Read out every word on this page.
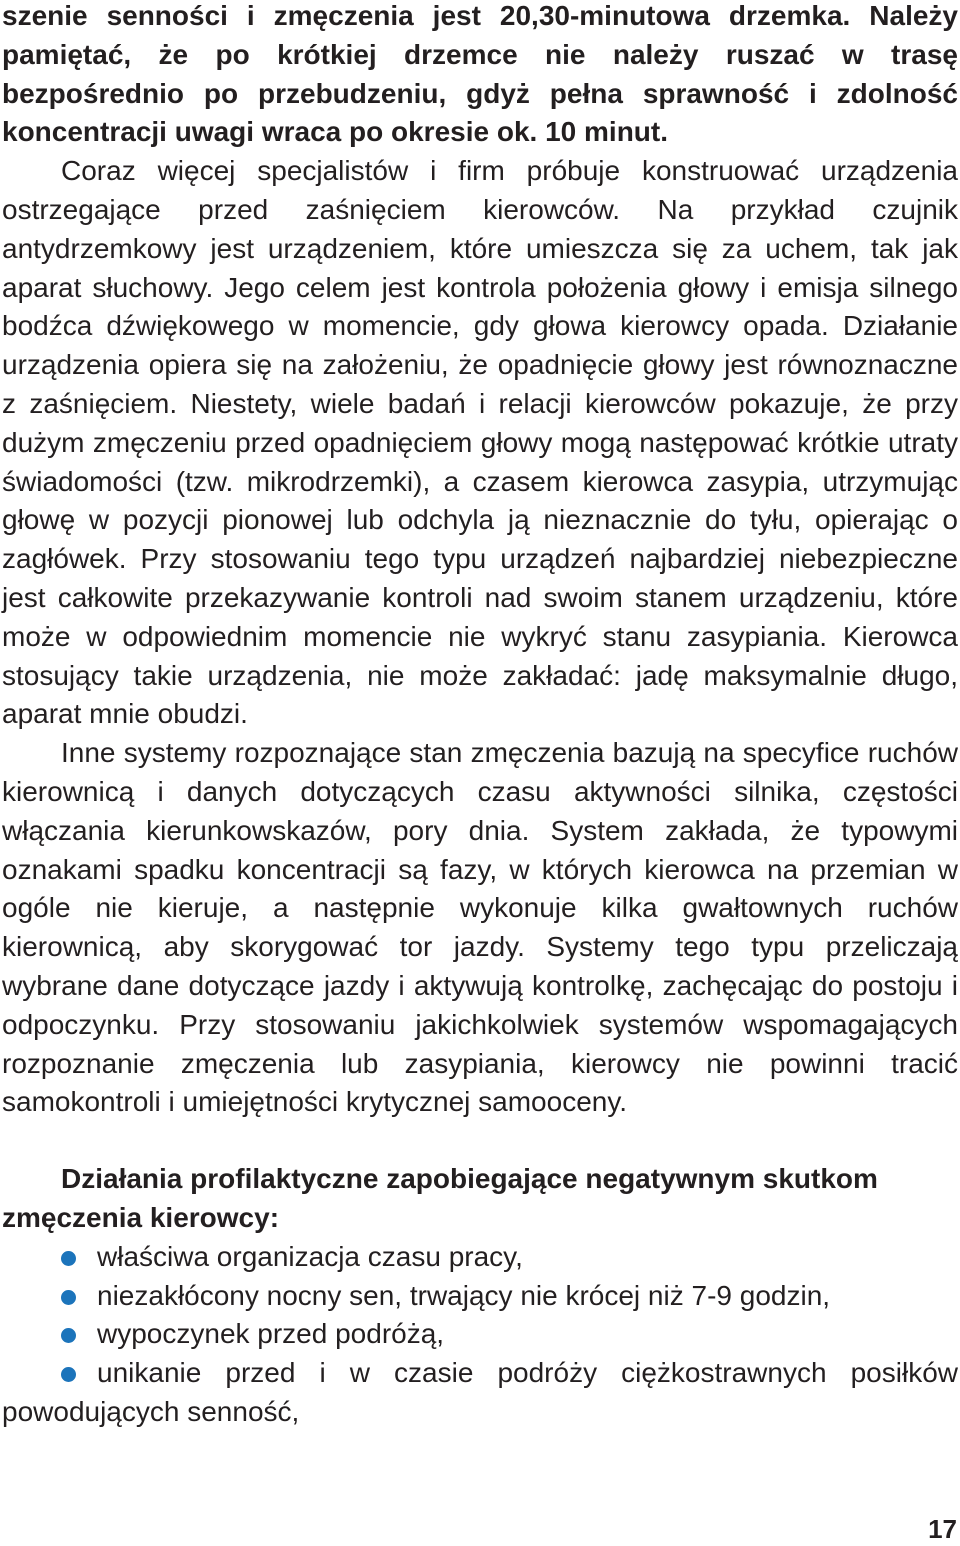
szenie senności i zmęczenia jest 20,30-minutowa drzemka. Należy pamiętać, że po krótkiej drzemce nie należy ruszać w trasę bezpośrednio po przebudzeniu, gdyż pełna sprawność i zdolność koncentracji uwagi wraca po okresie ok. 10 minut.

Coraz więcej specjalistów i firm próbuje konstruować urządzenia ostrzegające przed zaśnięciem kierowców. Na przykład czujnik antydrzemkowy jest urządzeniem, które umieszcza się za uchem, tak jak aparat słuchowy. Jego celem jest kontrola położenia głowy i emisja silnego bodźca dźwiękowego w momencie, gdy głowa kierowcy opada. Działanie urządzenia opiera się na założeniu, że opadnięcie głowy jest równoznaczne z zaśnięciem. Niestety, wiele badań i relacji kierowców pokazuje, że przy dużym zmęczeniu przed opadnięciem głowy mogą następować krótkie utraty świadomości (tzw. mikrodrzemki), a czasem kierowca zasypia, utrzymując głowę w pozycji pionowej lub odchyla ją nieznacznie do tyłu, opierając o zagłówek. Przy stosowaniu tego typu urządzeń najbardziej niebezpieczne jest całkowite przekazywanie kontroli nad swoim stanem urządzeniu, które może w odpowiednim momencie nie wykryć stanu zasypiania. Kierowca stosujący takie urządzenia, nie może zakładać: jadę maksymalnie długo, aparat mnie obudzi.

Inne systemy rozpoznające stan zmęczenia bazują na specyfice ruchów kierownicą i danych dotyczących czasu aktywności silnika, częstości włączania kierunkowskazów, pory dnia. System zakłada, że typowymi oznakami spadku koncentracji są fazy, w których kierowca na przemian w ogóle nie kieruje, a następnie wykonuje kilka gwałtownych ruchów kierownicą, aby skorygować tor jazdy. Systemy tego typu przeliczają wybrane dane dotyczące jazdy i aktywują kontrolkę, zachęcając do postoju i odpoczynku. Przy stosowaniu jakichkolwiek systemów wspomagających rozpoznanie zmęczenia lub zasypiania, kierowcy nie powinni tracić samokontroli i umiejętności krytycznej samooceny.

Działania profilaktyczne zapobiegające negatywnym skutkom zmęczenia kierowcy:

właściwa organizacja czasu pracy,
niezakłócony nocny sen, trwający nie krócej niż 7-9 godzin,
wypoczynek przed podróżą,
unikanie przed i w czasie podróży ciężkostrawnych posiłków powodujących senność,
17
